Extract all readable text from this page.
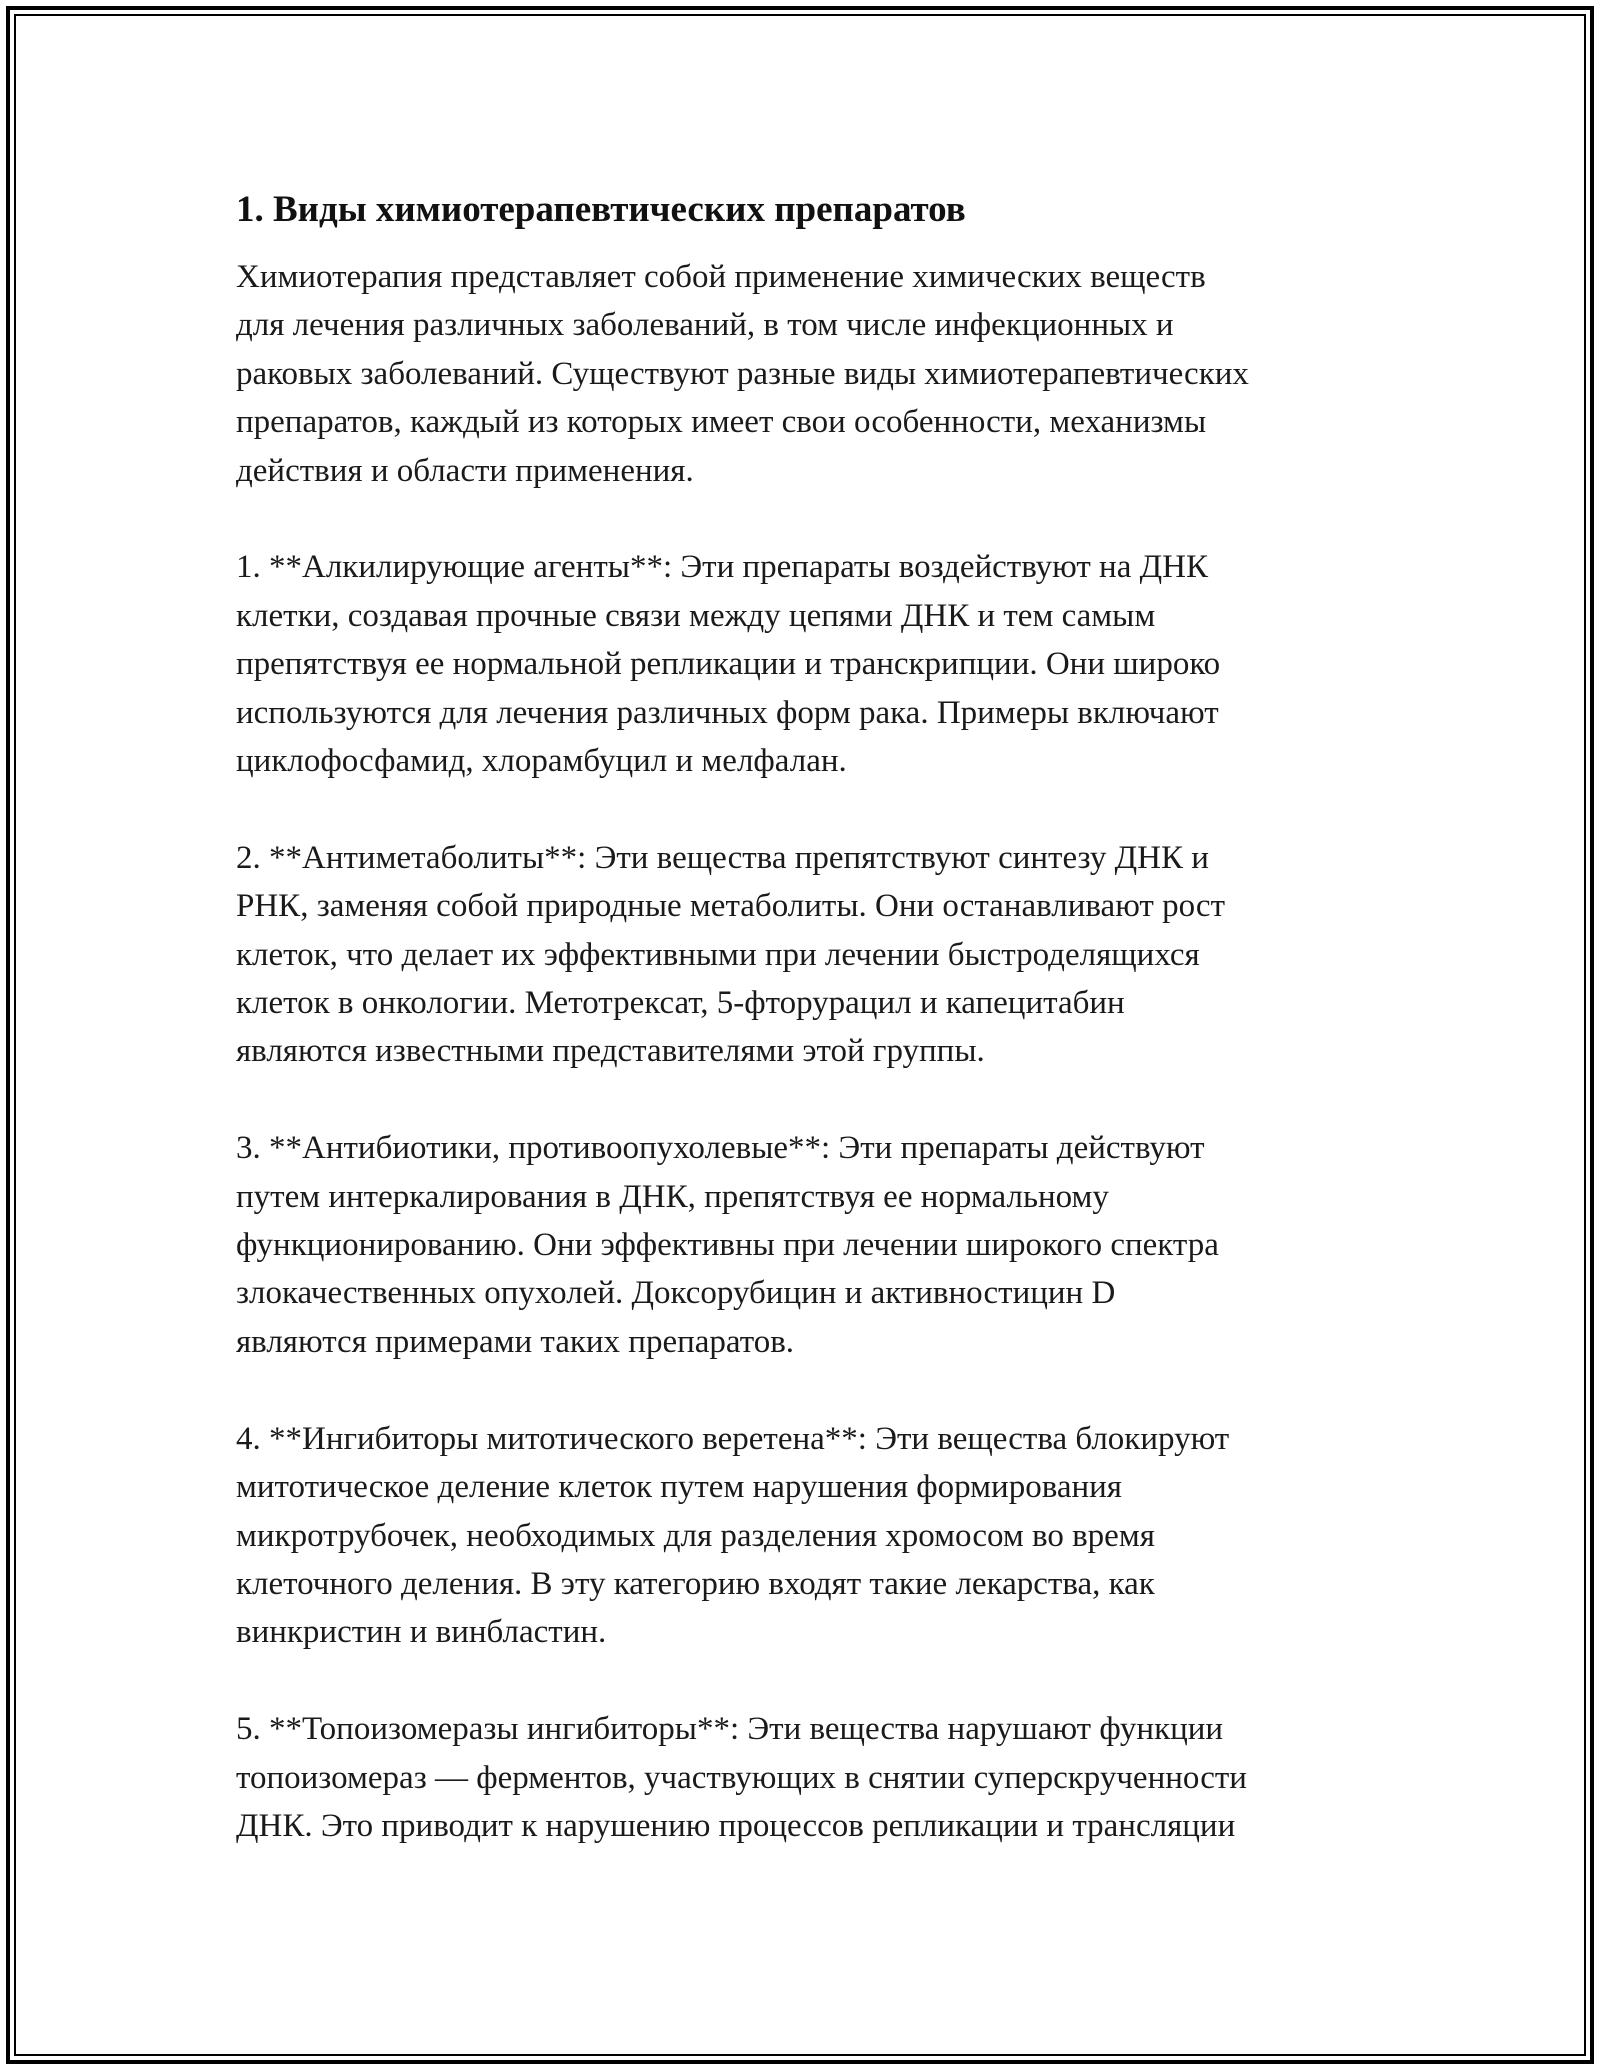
1. Виды химиотерапевтических препаратов

Химиотерапия представляет собой применение химических веществ
для лечения различных заболеваний, в том числе инфекционных и
раковых заболеваний. Существуют разные виды химиотерапевтических
препаратов, каждый из которых имеет свои особенности, механизмы
действия и области применения.

1. **Алкилирующие агенты**: Эти препараты воздействуют на ДНК
клетки, создавая прочные связи между цепями ДНК и тем самым
препятствуя ее нормальной репликации и транскрипции. Они широко
используются для лечения различных форм рака. Примеры включают
циклофосфамид, хлорамбуцил и мелфалан.

2. **Антиметаболиты**: Эти вещества препятствуют синтезу ДНК и
РНК, заменяя собой природные метаболиты. Они останавливают рост
клеток, что делает их эффективными при лечении быстроделящихся
клеток в онкологии. Метотрексат, 5-фторурацил и капецитабин
являются известными представителями этой группы.

3. **Антибиотики, противоопухолевые**: Эти препараты действуют
путем интеркалирования в ДНК, препятствуя ее нормальному
функционированию. Они эффективны при лечении широкого спектра
злокачественных опухолей. Доксорубицин и активностицин D
являются примерами таких препаратов.

4. **Ингибиторы митотического веретена**: Эти вещества блокируют
митотическое деление клеток путем нарушения формирования
микротрубочек, необходимых для разделения хромосом во время
клеточного деления. В эту категорию входят такие лекарства, как
винкристин и винбластин.

5. **Топоизомеразы ингибиторы**: Эти вещества нарушают функции
топоизомераз — ферментов, участвующих в снятии суперскрученности
ДНК. Это приводит к нарушению процессов репликации и трансляции
